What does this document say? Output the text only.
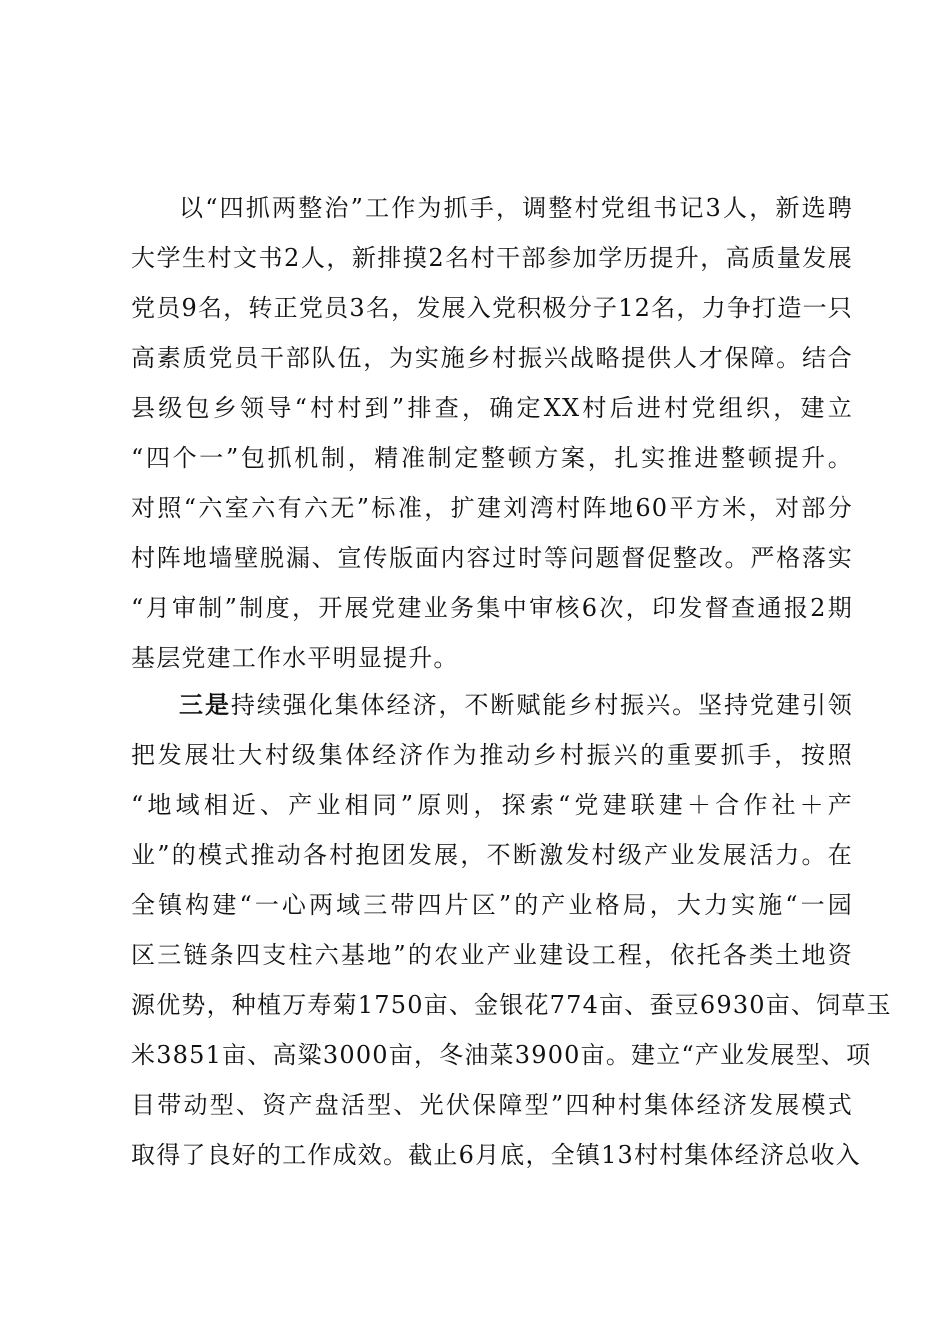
以“四抓两整治”工作为抓手，调整村党组书记3人，新选聘
大学生村文书2人，新排摸2名村干部参加学历提升，高质量发展
党员9名，转正党员3名，发展入党积极分子12名，力争打造一只
高素质党员干部队伍，为实施乡村振兴战略提供人才保障。结合
县级包乡领导“村村到”排查，确定XX村后进村党组织，建立
“四个一”包抓机制，精准制定整顿方案，扎实推进整顿提升。
对照“六室六有六无”标准，扩建刘湾村阵地60平方米，对部分
村阵地墙壁脱漏、宣传版面内容过时等问题督促整改。严格落实
“月审制”制度，开展党建业务集中审核6次，印发督查通报2期
基层党建工作水平明显提升。
三是持续强化集体经济，不断赋能乡村振兴。坚持党建引领
把发展壮大村级集体经济作为推动乡村振兴的重要抓手，按照
“地域相近、产业相同”原则，探索“党建联建＋合作社＋产
业”的模式推动各村抱团发展，不断激发村级产业发展活力。在
全镇构建“一心两域三带四片区”的产业格局，大力实施“一园
区三链条四支柱六基地”的农业产业建设工程，依托各类土地资
源优势，种植万寿菊1750亩、金银花774亩、蚕豆6930亩、饲草玉
米3851亩、高粱3000亩，冬油菜3900亩。建立“产业发展型、项
目带动型、资产盘活型、光伏保障型”四种村集体经济发展模式
取得了良好的工作成效。截止6月底，全镇13村村集体经济总收入
